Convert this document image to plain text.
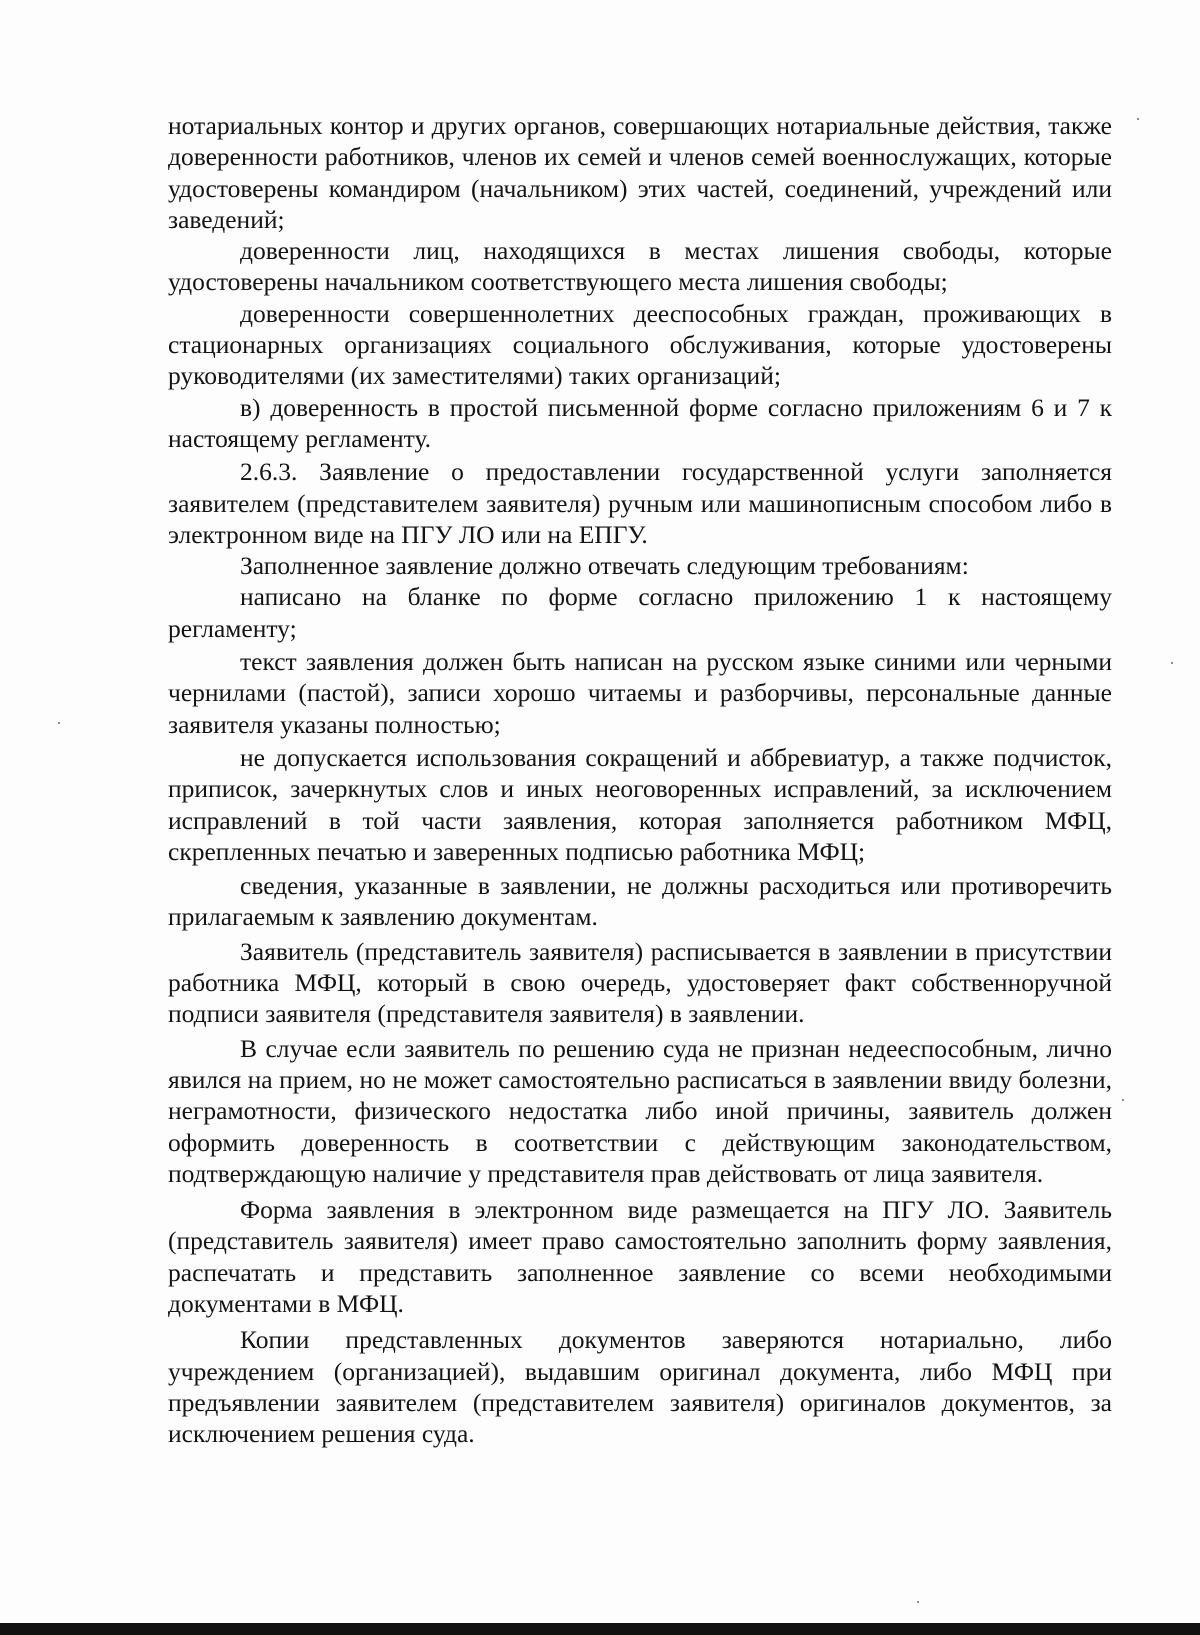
нотариальных контор и других органов, совершающих нотариальные действия, также доверенности работников, членов их семей и членов семей военнослужащих, которые удостоверены командиром (начальником) этих частей, соединений, учреждений или заведений;

доверенности лиц, находящихся в местах лишения свободы, которые удостоверены начальником соответствующего места лишения свободы;

доверенности совершеннолетних дееспособных граждан, проживающих в стационарных организациях социального обслуживания, которые удостоверены руководителями (их заместителями) таких организаций;

в) доверенность в простой письменной форме согласно приложениям 6 и 7 к настоящему регламенту.

2.6.3. Заявление о предоставлении государственной услуги заполняется заявителем (представителем заявителя) ручным или машинописным способом либо в электронном виде на ПГУ ЛО или на ЕПГУ.

Заполненное заявление должно отвечать следующим требованиям:

написано на бланке по форме согласно приложению 1 к настоящему регламенту;

текст заявления должен быть написан на русском языке синими или черными чернилами (пастой), записи хорошо читаемы и разборчивы, персональные данные заявителя указаны полностью;

не допускается использования сокращений и аббревиатур, а также подчисток, приписок, зачеркнутых слов и иных неоговоренных исправлений, за исключением исправлений в той части заявления, которая заполняется работником МФЦ, скрепленных печатью и заверенных подписью работника МФЦ;

сведения, указанные в заявлении, не должны расходиться или противоречить прилагаемым к заявлению документам.

Заявитель (представитель заявителя) расписывается в заявлении в присутствии работника МФЦ, который в свою очередь, удостоверяет факт собственноручной подписи заявителя (представителя заявителя) в заявлении.

В случае если заявитель по решению суда не признан недееспособным, лично явился на прием, но не может самостоятельно расписаться в заявлении ввиду болезни, неграмотности, физического недостатка либо иной причины, заявитель должен оформить доверенность в соответствии с действующим законодательством, подтверждающую наличие у представителя прав действовать от лица заявителя.

Форма заявления в электронном виде размещается на ПГУ ЛО. Заявитель (представитель заявителя) имеет право самостоятельно заполнить форму заявления, распечатать и представить заполненное заявление со всеми необходимыми документами в МФЦ.

Копии представленных документов заверяются нотариально, либо учреждением (организацией), выдавшим оригинал документа, либо МФЦ при предъявлении заявителем (представителем заявителя) оригиналов документов, за исключением решения суда.
